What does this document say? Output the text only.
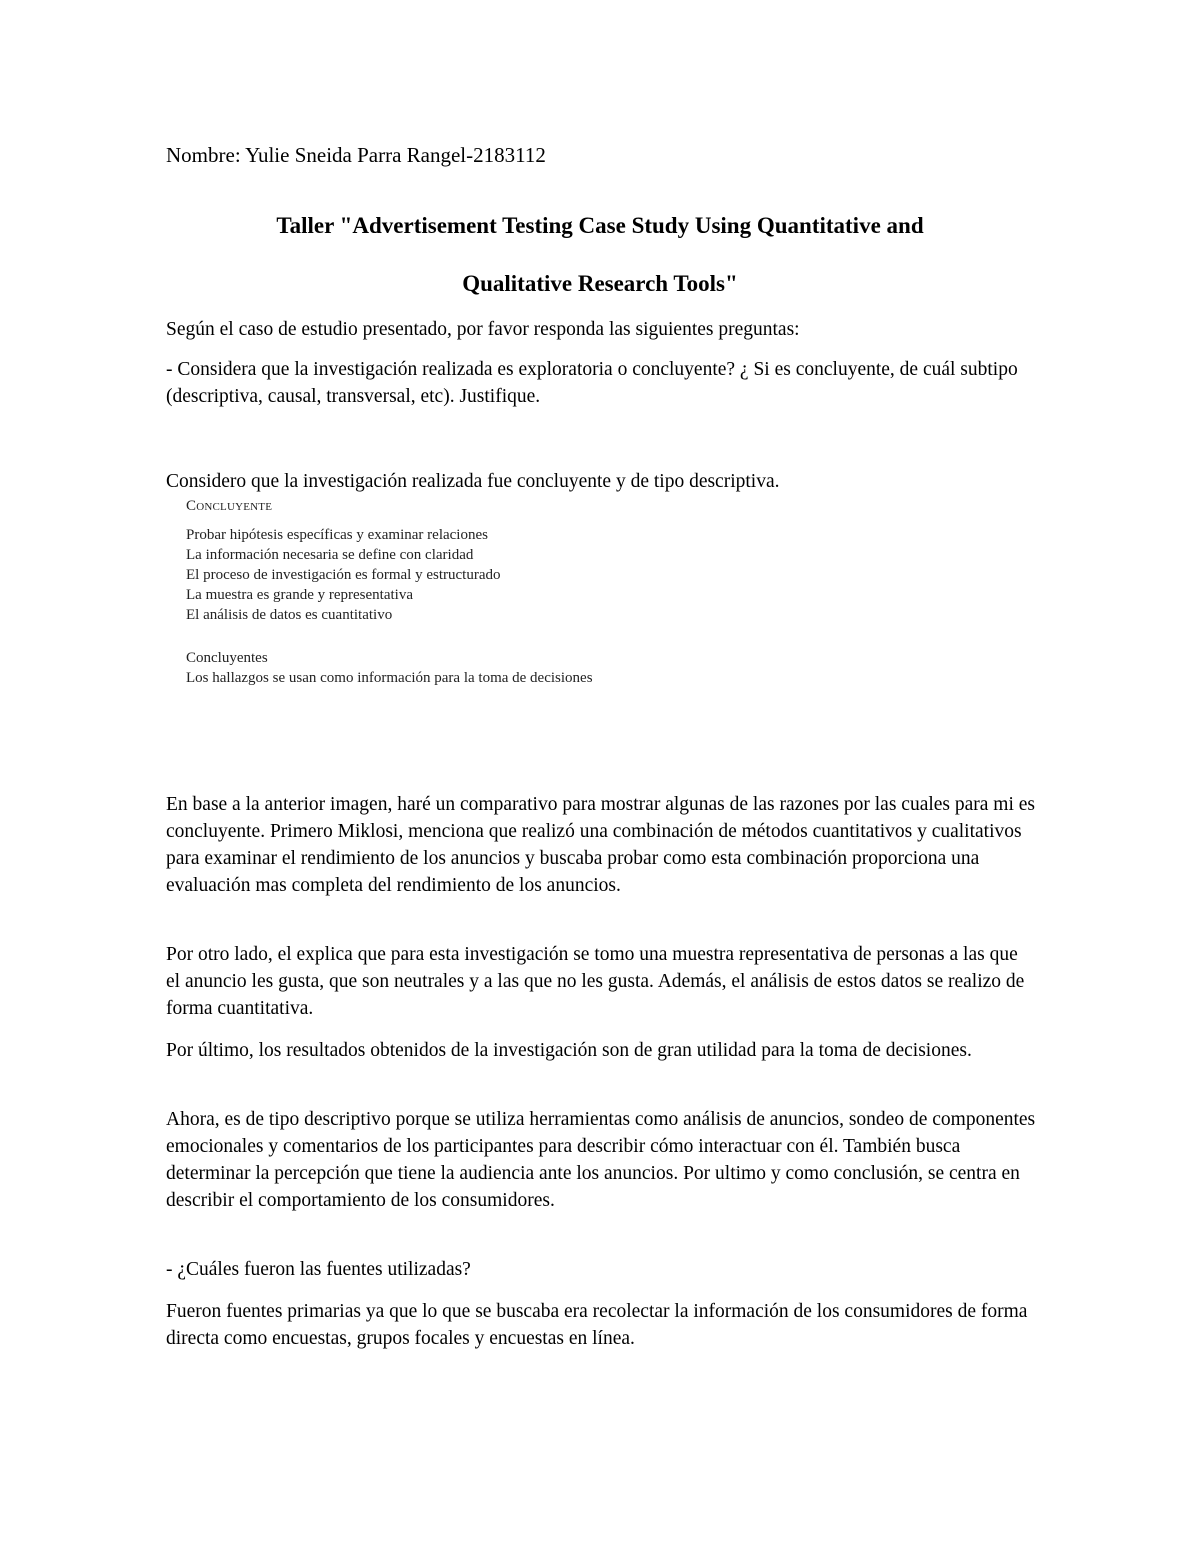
Nombre: Yulie Sneida Parra Rangel-2183112
Taller "Advertisement Testing Case Study Using Quantitative and
Qualitative Research Tools"
Según el caso de estudio presentado, por favor responda las siguientes preguntas:
- Considera que la investigación realizada es exploratoria o concluyente? ¿ Si es concluyente, de cuál subtipo (descriptiva, causal, transversal, etc). Justifique.
Considero que la investigación realizada fue concluyente y de tipo descriptiva.
Concluyente
Probar hipótesis específicas y examinar relaciones
La información necesaria se define con claridad
El proceso de investigación es formal y estructurado
La muestra es grande y representativa
El análisis de datos es cuantitativo
Concluyentes
Los hallazgos se usan como información para la toma de decisiones
En base a la anterior imagen, haré un comparativo para mostrar algunas de las razones por las cuales para mi es concluyente. Primero Miklosi, menciona que realizó una combinación de métodos cuantitativos y cualitativos para examinar el rendimiento de los anuncios y buscaba probar como esta combinación proporciona una evaluación mas completa del rendimiento de los anuncios.
Por otro lado, el explica que para esta investigación se tomo una muestra representativa de personas a las que el anuncio les gusta, que son neutrales y a las que no les gusta. Además, el análisis de estos datos se realizo de forma cuantitativa.
Por último, los resultados obtenidos de la investigación son de gran utilidad para la toma de decisiones.
Ahora, es de tipo descriptivo porque se utiliza herramientas como análisis de anuncios, sondeo de componentes emocionales y comentarios de los participantes para describir cómo interactuar con él. También busca determinar la percepción que tiene la audiencia ante los anuncios. Por ultimo y como conclusión, se centra en describir el comportamiento de los consumidores.
- ¿Cuáles fueron las fuentes utilizadas?
Fueron fuentes primarias ya que lo que se buscaba era recolectar la información de los consumidores de forma directa como encuestas, grupos focales y encuestas en línea.
